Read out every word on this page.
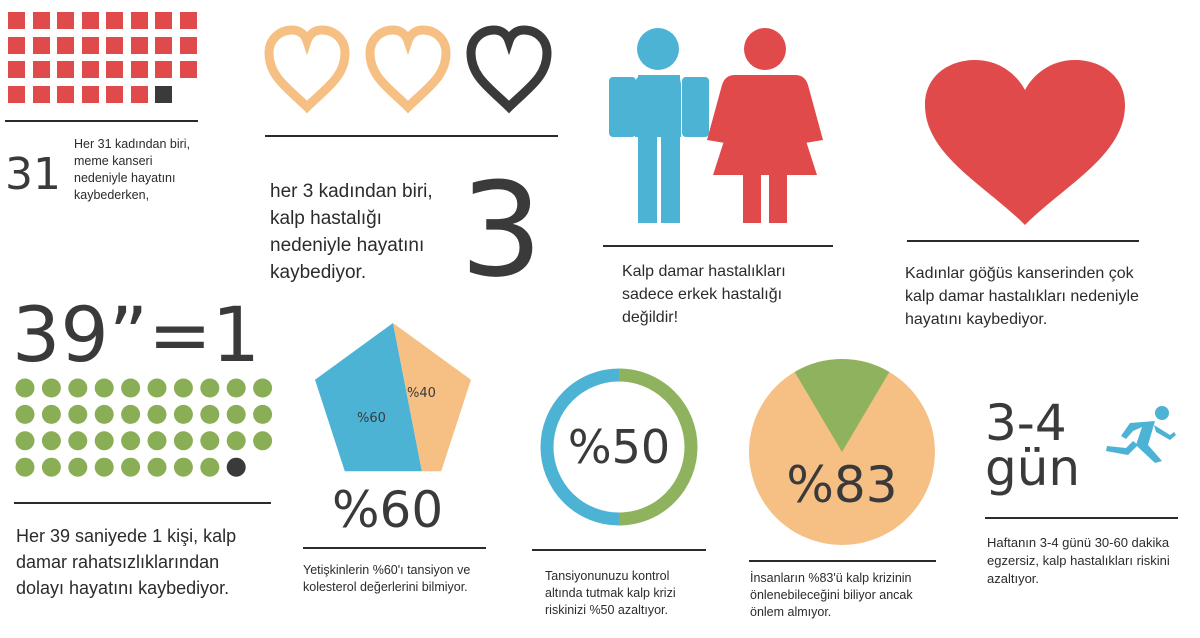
31
Her 31 kadından biri, meme kanseri nedeniyle hayatını kaybederken,	her 3 kadından biri, kalp hastalığı nedeniyle hayatını kaybediyor. 3	Kalp damar hastalıkları sadece erkek hastalığı değildir!
Kadınlar göğüs kanserinden çok kalp damar hastalıkları nedeniyle hayatını kaybediyor.
39”=1
Her 39 saniyede 1 kişi, kalp damar rahatsızlıklarından dolayı hayatını kaybediyor.
%60
%40
%60
Yetişkinlerin %60'ı tansiyon ve kolesterol değerlerini bilmiyor.
%50
Tansiyonunuzu kontrol altında tutmak kalp krizi riskinizi %50 azaltıyor.
%83
İnsanların %83'ü kalp krizinin önlenebileceğini biliyor ancak önlem almıyor.
3-4
gün
Haftanın 3-4 günü 30-60 dakika egzersiz, kalp hastalıkları riskini azaltıyor.
